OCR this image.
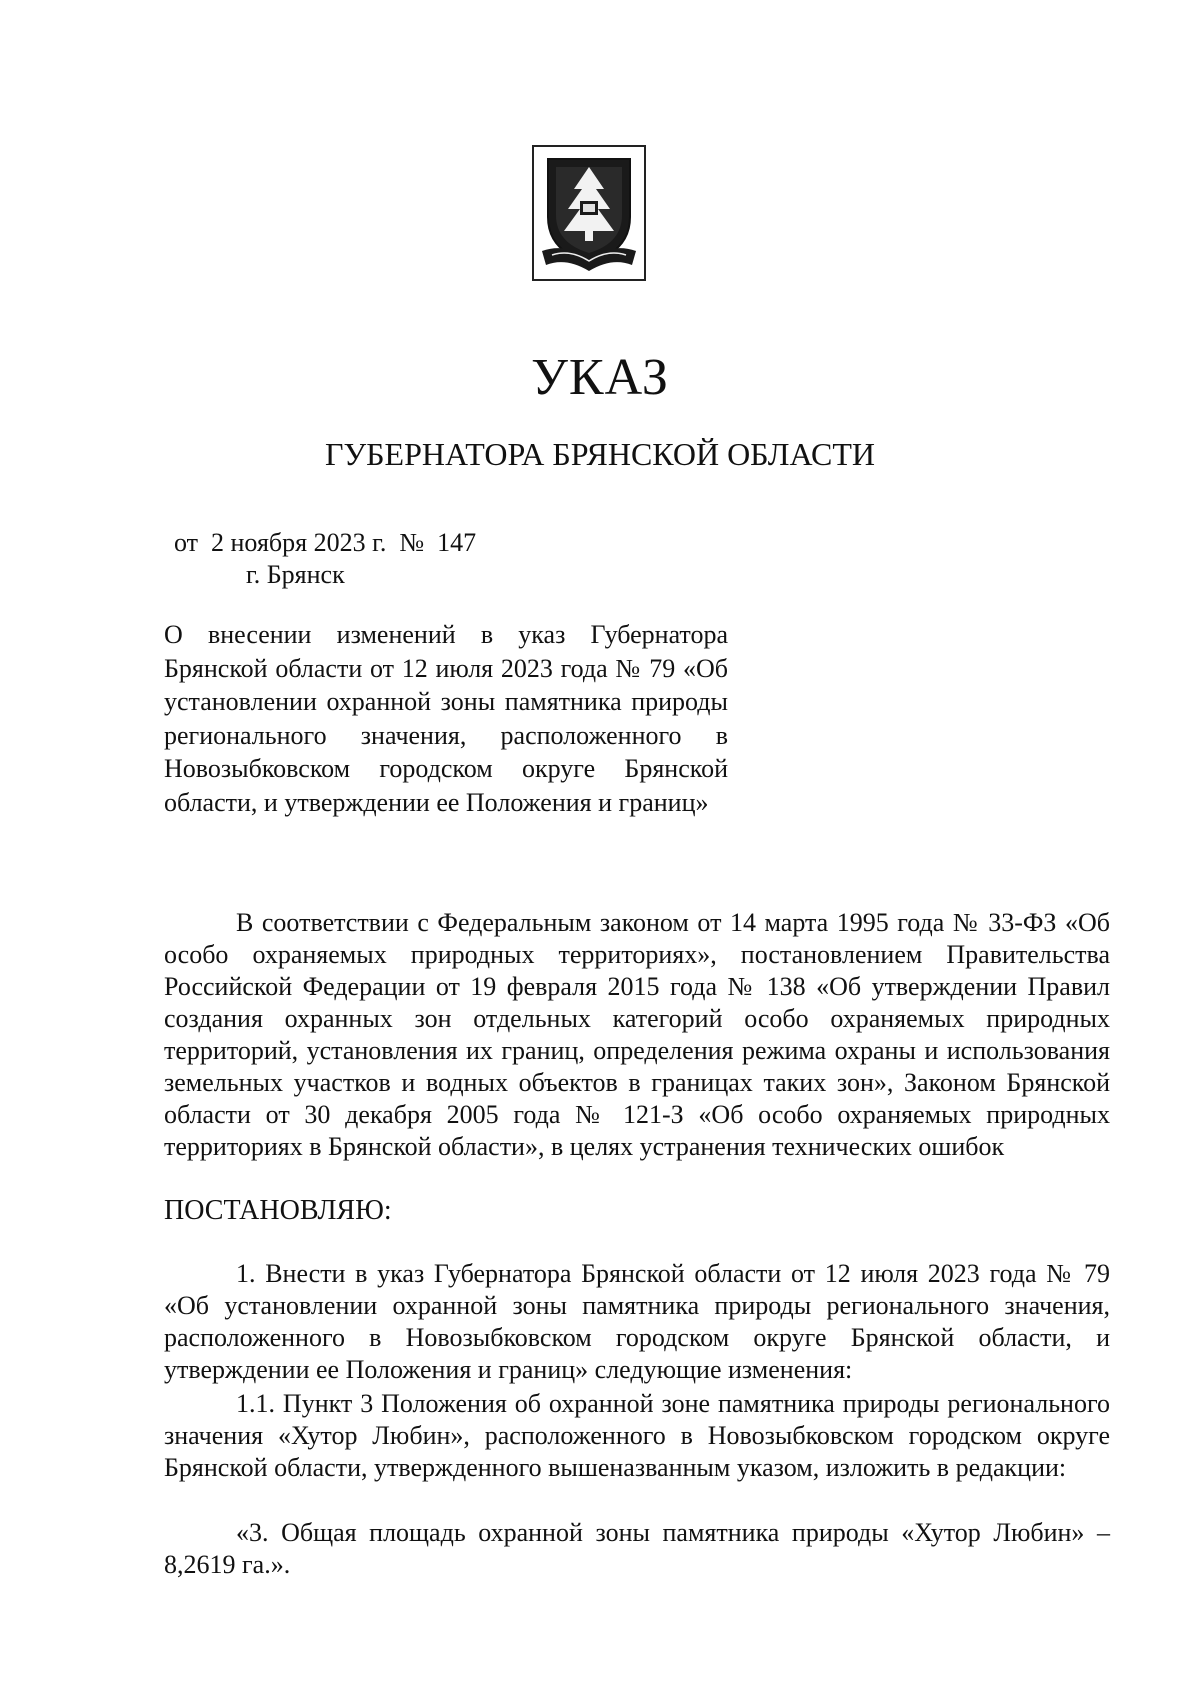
УКАЗ
ГУБЕРНАТОРА БРЯНСКОЙ ОБЛАСТИ
от  2 ноября 2023 г.  №  147
г. Брянск
О внесении изменений в указ Губернатора Брянской области от 12 июля 2023 года № 79 «Об установлении охранной зоны памятника природы регионального значения, расположенного в Новозыбковском городском округе Брянской области, и утверждении ее Положения и границ»

В соответствии с Федеральным законом от 14 марта 1995 года № 33-ФЗ «Об особо охраняемых природных территориях», постановлением Правительства Российской Федерации от 19 февраля 2015 года № 138 «Об утверждении Правил создания охранных зон отдельных категорий особо охраняемых природных территорий, установления их границ, определения режима охраны и использования земельных участков и водных объектов в границах таких зон», Законом Брянской области от 30 декабря 2005 года № 121-З «Об особо охраняемых природных территориях в Брянской области», в целях устранения технических ошибок

ПОСТАНОВЛЯЮ:

1. Внести в указ Губернатора Брянской области от 12 июля 2023 года № 79 «Об установлении охранной зоны памятника природы регионального значения, расположенного в Новозыбковском городском округе Брянской области, и утверждении ее Положения и границ» следующие изменения:

1.1. Пункт 3 Положения об охранной зоне памятника природы регионального значения «Хутор Любин», расположенного в Новозыбковском городском округе Брянской области, утвержденного вышеназванным указом, изложить в редакции:

«3. Общая площадь охранной зоны памятника природы «Хутор Любин» – 8,2619 га.».
